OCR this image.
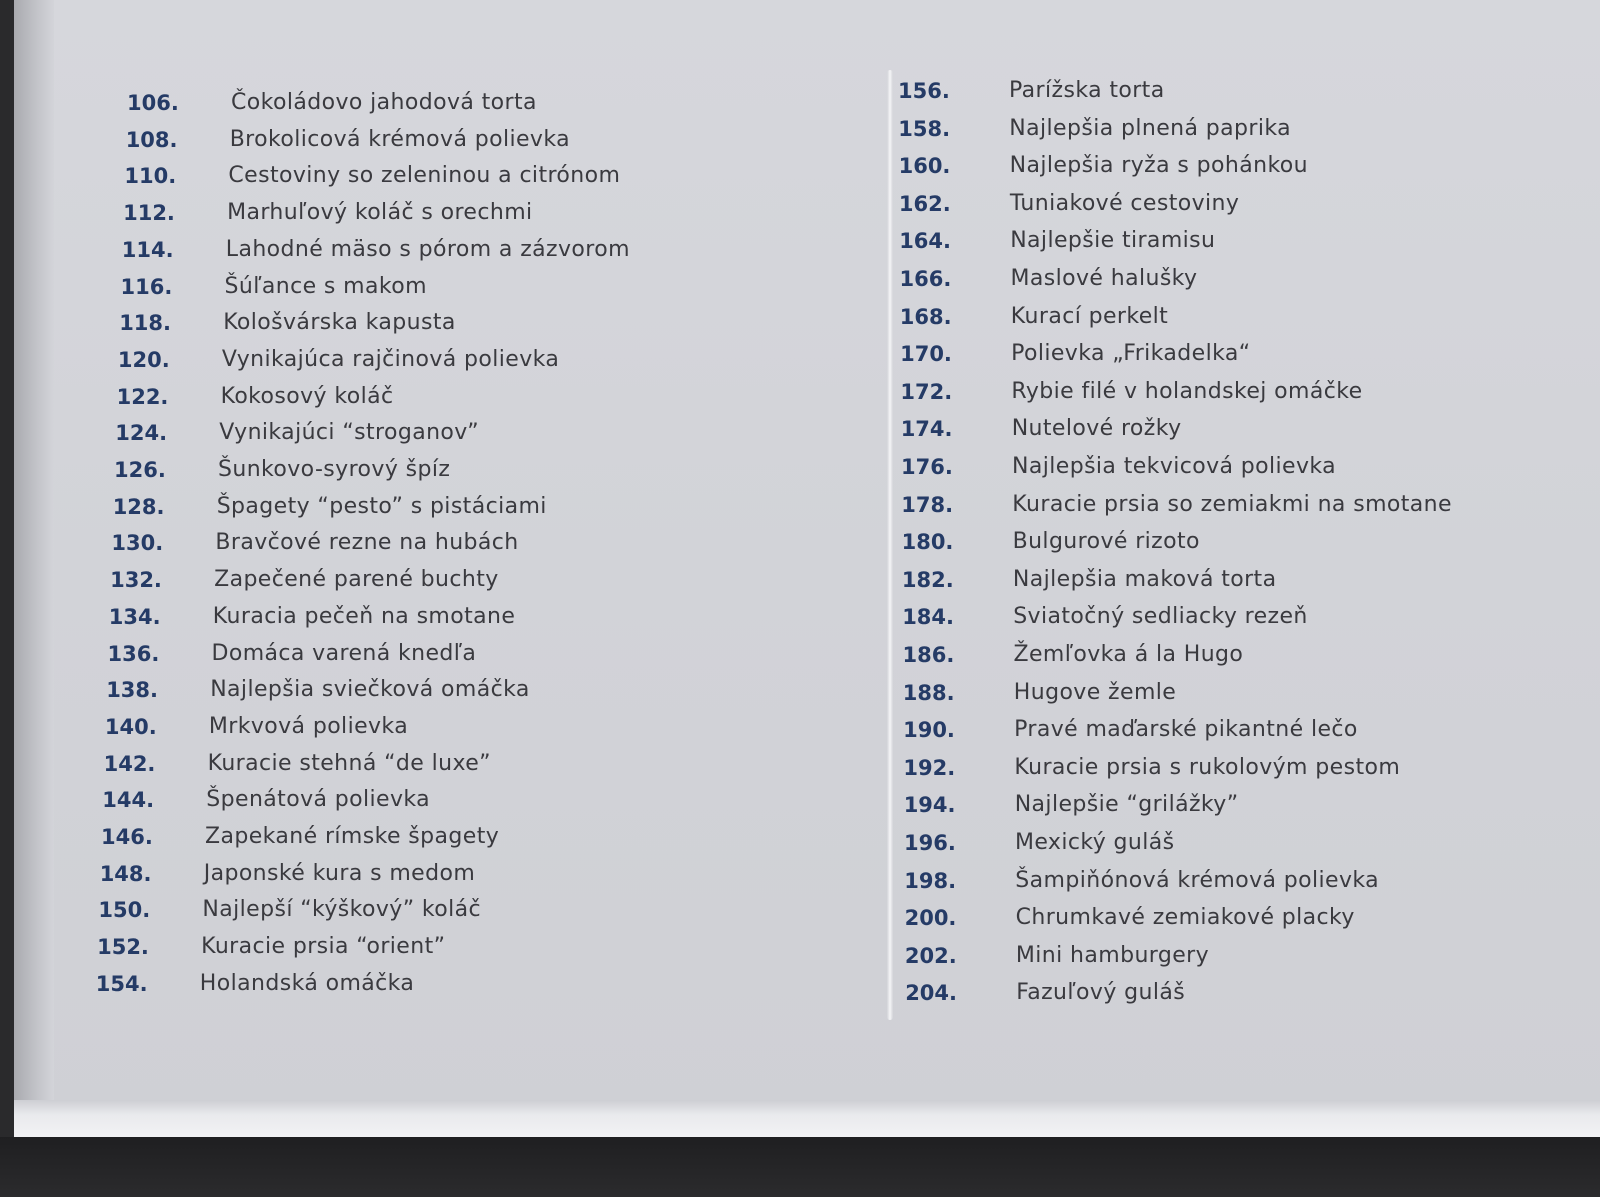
106. Čokoládovo jahodová torta
108. Brokolicová krémová polievka
110. Cestoviny so zeleninou a citrónom
112. Marhuľový koláč s orechmi
114. Lahodné mäso s pórom a zázvorom
116. Šúľance s makom
118. Kološvárska kapusta
120. Vynikajúca rajčinová polievka
122. Kokosový koláč
124. Vynikajúci “stroganov”
126. Šunkovo-syrový špíz
128. Špagety “pesto” s pistáciami
130. Bravčové rezne na hubách
132. Zapečené parené buchty
134. Kuracia pečeň na smotane
136. Domáca varená knedľa
138. Najlepšia sviečková omáčka
140. Mrkvová polievka
142. Kuracie stehná “de luxe”
144. Špenátová polievka
146. Zapekané rímske špagety
148. Japonské kura s medom
150. Najlepší “kýškový” koláč
152. Kuracie prsia “orient”
154. Holandská omáčka
156.	Parížska torta
158.	Najlepšia plnená paprika
160.	Najlepšia ryža s pohánkou
162.	Tuniakové cestoviny
164.	Najlepšie tiramisu
166.	Maslové halušky
168.	Kurací perkelt
170.	Polievka „Frikadelka“
172.	Rybie filé v holandskej omáčke
174.	Nutelové rožky
176.	Najlepšia tekvicová polievka
178.	Kuracie prsia so zemiakmi na smotane
180.	Bulgurové rizoto
182.	Najlepšia maková torta
184.	Sviatočný sedliacky rezeň
186.	Žemľovka á la Hugo
188.	Hugove žemle
190.	Pravé maďarské pikantné lečo
192.	Kuracie prsia s rukolovým pestom
194.	Najlepšie “grilážky”
196.	Mexický guláš
198.	Šampiňónová krémová polievka
200.	Chrumkavé zemiakové placky
202.	Mini hamburgery
204.	Fazuľový guláš
